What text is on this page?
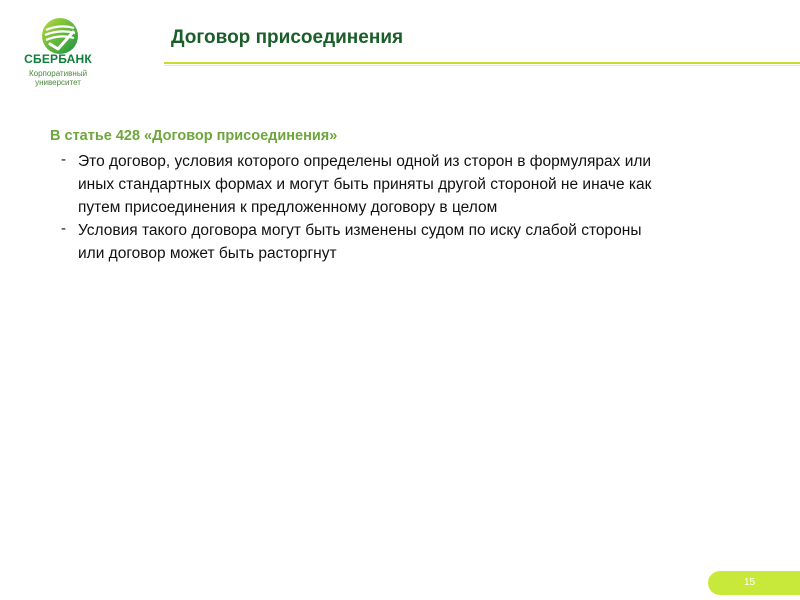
СБЕРБАНК
Корпоративный
университет
Договор присоединения
В статье 428 «Договор присоединения»
- Это договор, условия которого определены одной из сторон в формулярах или
иных стандартных формах и могут быть приняты другой стороной не иначе как
путем присоединения к предложенному договору в целом
- Условия такого договора могут быть изменены судом по иску слабой стороны
или договор может быть расторгнут
15
